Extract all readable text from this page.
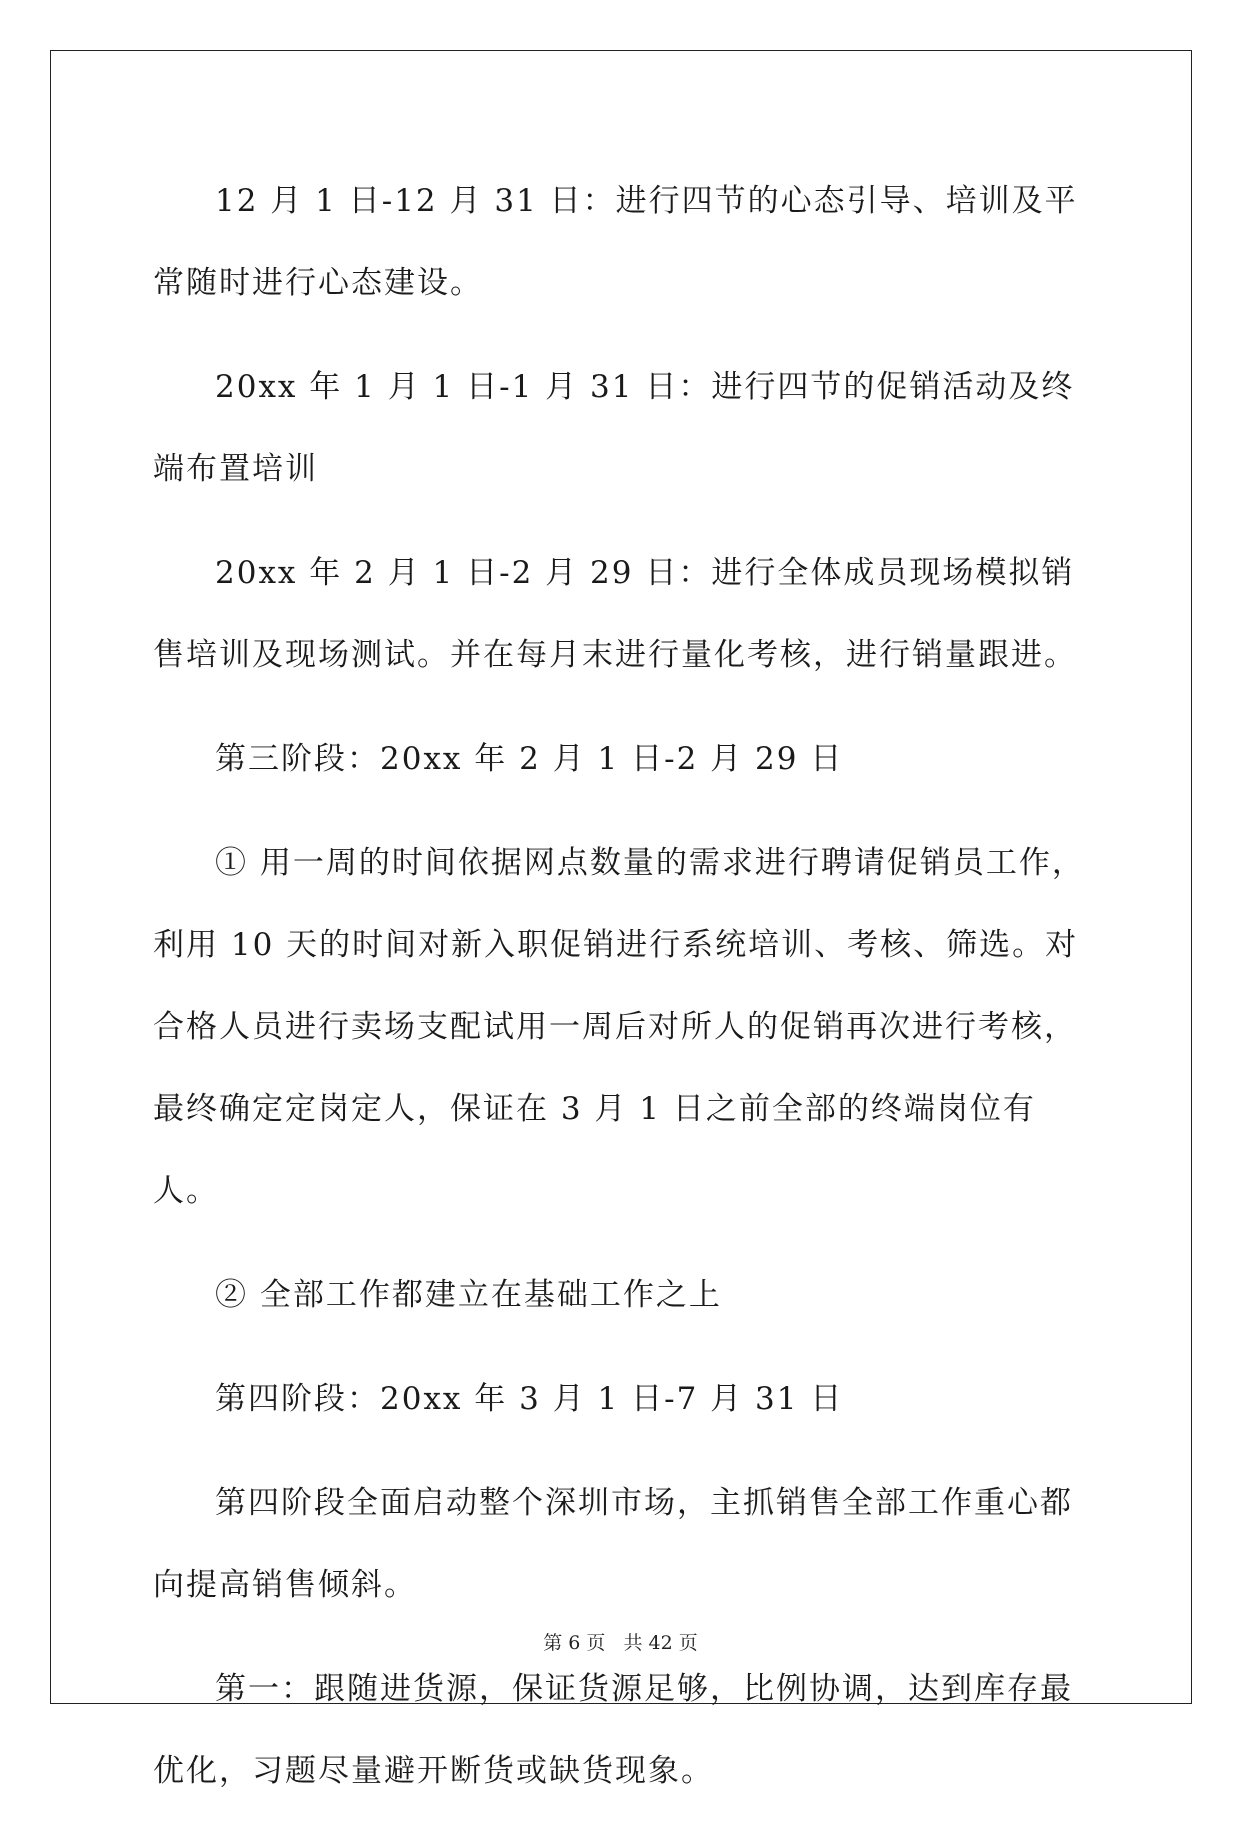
12 月 1 日-12 月 31 日：进行四节的心态引导、培训及平常随时进行心态建设。

20xx 年 1 月 1 日-1 月 31 日：进行四节的促销活动及终端布置培训

20xx 年 2 月 1 日-2 月 29 日：进行全体成员现场模拟销售培训及现场测试。并在每月末进行量化考核，进行销量跟进。

第三阶段：20xx 年 2 月 1 日-2 月 29 日

① 用一周的时间依据网点数量的需求进行聘请促销员工作，利用 10 天的时间对新入职促销进行系统培训、考核、筛选。对合格人员进行卖场支配试用一周后对所人的促销再次进行考核，最终确定定岗定人，保证在 3 月 1 日之前全部的终端岗位有人。

② 全部工作都建立在基础工作之上

第四阶段：20xx 年 3 月 1 日-7 月 31 日

第四阶段全面启动整个深圳市场，主抓销售全部工作重心都向提高销售倾斜。

第一：跟随进货源，保证货源足够，比例协调，达到库存最优化，习题尽量避开断货或缺货现象。

第 6 页 共 42 页
